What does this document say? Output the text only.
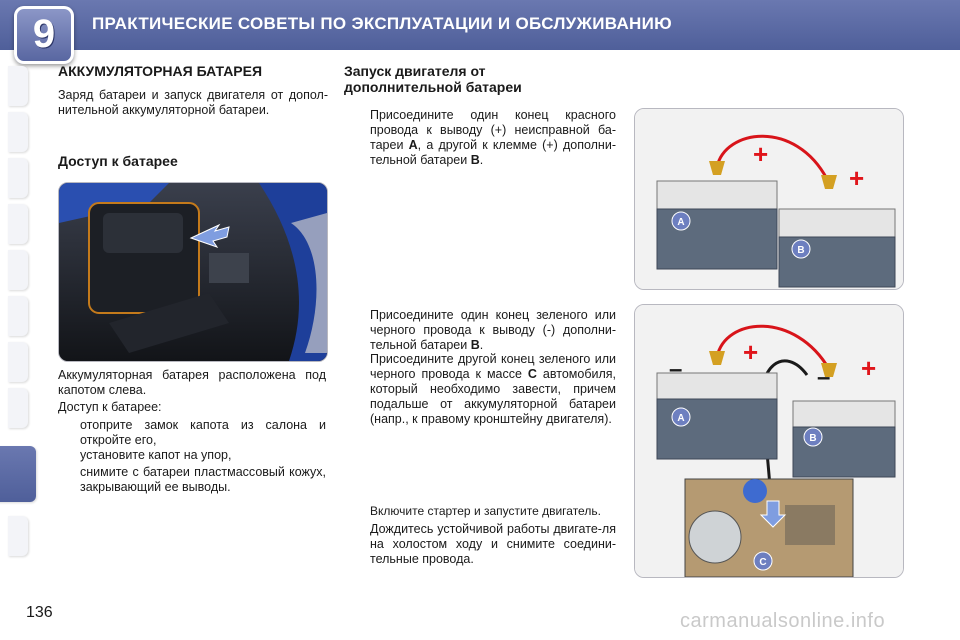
ПРАКТИЧЕСКИЕ СОВЕТЫ ПО ЭКСПЛУАТАЦИИ И ОБСЛУЖИВАНИЮ
9
АККУМУЛЯТОРНАЯ БАТАРЕЯ
Заряд батареи и запуск двигателя от допол-нительной аккумуляторной батареи.
Доступ к батарее
Аккумуляторная батарея расположена под капотом слева.
Доступ к батарее:
отоприте замок капота из салона и откройте его,
установите капот на упор,
снимите с батареи пластмассовый кожух, закрывающий ее выводы.
Запуск двигателя от
дополнительной батареи
Присоедините один конец красного провода к выводу (+) неисправной ба-тареи A, а другой к клемме (+) дополни-тельной батареи B.
Присоедините один конец зеленого или черного провода к выводу (-) дополни-тельной батареи B.
Присоедините другой конец зеленого или черного провода к массе C автомобиля, который необходимо завести, причем подальше от аккумуляторной батареи (напр., к правому кронштейну двигателя).
Включите стартер и запустите двигатель.
Дождитесь устойчивой работы двигате-ля на холостом ходу и снимите соедини-тельные провода.
A
B
+
+
A
B
+
+
–	–
C
136	carmanualsonline.info
